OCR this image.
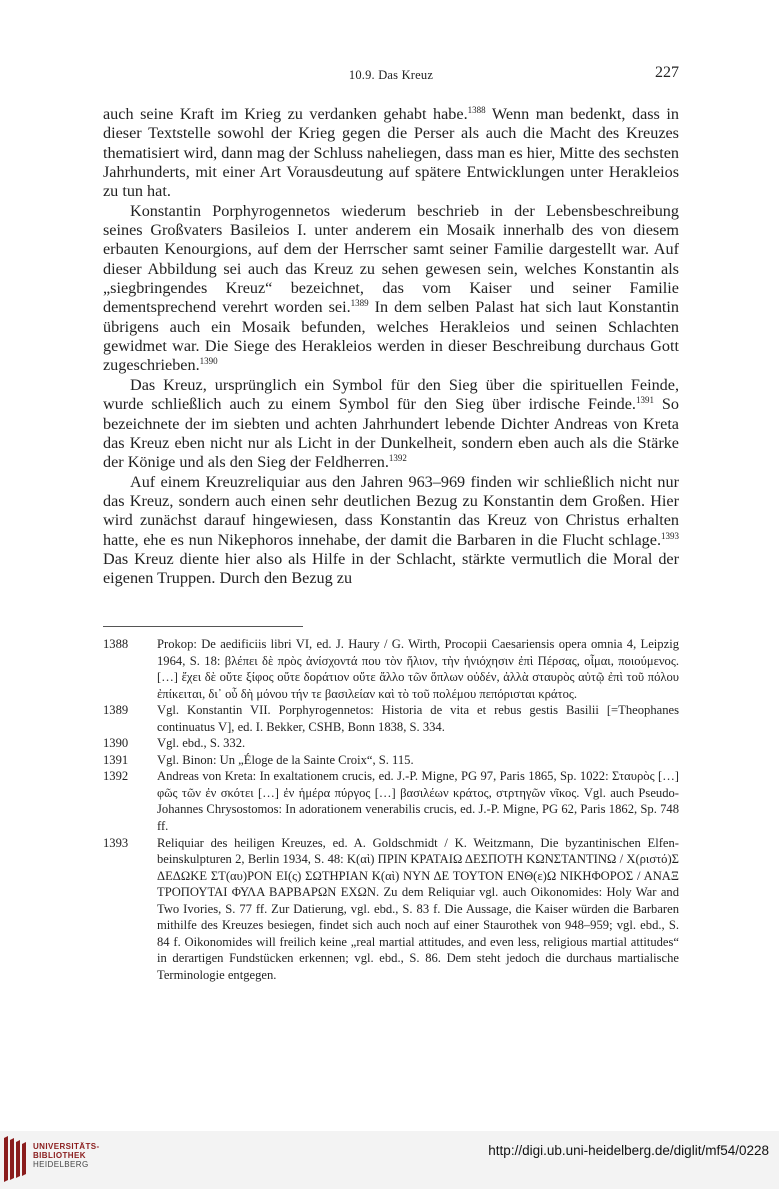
10.9. Das Kreuz	227

auch seine Kraft im Krieg zu verdanken gehabt habe.$^{1388}$ Wenn man bedenkt, dass in dieser Textstelle sowohl der Krieg gegen die Perser als auch die Macht des Kreuzes thematisiert wird, dann mag der Schluss naheliegen, dass man es hier, Mitte des sechsten Jahrhunderts, mit einer Art Vorausdeutung auf spätere Entwicklungen unter Herakleios zu tun hat.

Konstantin Porphyrogennetos wiederum beschrieb in der Lebensbeschreibung seines Großvaters Basileios I. unter anderem ein Mosaik innerhalb des von diesem erbauten Kenourgions, auf dem der Herrscher samt seiner Familie dargestellt war. Auf dieser Abbildung sei auch das Kreuz zu sehen gewesen sein, welches Konstantin als „siegbringendes Kreuz“ bezeichnet, das vom Kaiser und seiner Familie dementsprechend verehrt worden sei.$^{1389}$ In dem selben Palast hat sich laut Konstantin übrigens auch ein Mosaik befunden, welches Herakleios und seinen Schlachten gewidmet war. Die Siege des Herakleios werden in dieser Beschreibung durchaus Gott zugeschrieben.$^{1390}$

Das Kreuz, ursprünglich ein Symbol für den Sieg über die spirituellen Feinde, wurde schließlich auch zu einem Symbol für den Sieg über irdische Feinde.$^{1391}$ So bezeichnete der im siebten und achten Jahrhundert lebende Dichter Andreas von Kreta das Kreuz eben nicht nur als Licht in der Dunkelheit, sondern eben auch als die Stärke der Könige und als den Sieg der Feldherren.$^{1392}$

Auf einem Kreuzreliquiar aus den Jahren 963–969 finden wir schließlich nicht nur das Kreuz, sondern auch einen sehr deutlichen Bezug zu Konstantin dem Großen. Hier wird zunächst darauf hingewiesen, dass Konstantin das Kreuz von Christus erhalten hatte, ehe es nun Nikephoros innehabe, der damit die Barbaren in die Flucht schlage.$^{1393}$ Das Kreuz diente hier also als Hilfe in der Schlacht, stärkte vermutlich die Moral der eigenen Truppen. Durch den Bezug zu

1388	Prokop: De aedificiis libri VI, ed. J. Haury / G. Wirth, Procopii Caesariensis opera omnia 4, Leipzig 1964, S. 18: βλέπει δὲ πρὸς ἀνίσχοντά που τὸν ἥλιον, τὴν ἡνιόχησιν ἐπὶ Πέρσας, οἶμαι, ποιούμενος. […] ἔχει δὲ οὔτε ξίφος οὔτε δοράτιον οὔτε ἄλλο τῶν ὅπλων οὐδέν, ἀλλὰ σταυρὸς αὐτῷ ἐπὶ τοῦ πόλου ἐπίκειται, δι᾽ οὗ δὴ μόνου τήν τε βασιλείαν καὶ τὸ τοῦ πολέμου πεπόρισται κράτος.
1389	Vgl. Konstantin VII. Porphyrogennetos: Historia de vita et rebus gestis Basilii [=Theophanes continuatus V], ed. I. Bekker, CSHB, Bonn 1838, S. 334.
1390	Vgl. ebd., S. 332.
1391	Vgl. Binon: Un „Éloge de la Sainte Croix“, S. 115.
1392	Andreas von Kreta: In exaltationem crucis, ed. J.-P. Migne, PG 97, Paris 1865, Sp. 1022: Σταυρὸς […] φῶς τῶν ἐν σκότει […] ἐν ἡμέρα πύργος […] βασιλέων κράτος, στρτηγῶν νῖκος. Vgl. auch Pseudo-Johannes Chrysostomos: In adorationem venerabilis crucis, ed. J.-P. Migne, PG 62, Paris 1862, Sp. 748 ff.
1393	Reliquiar des heiligen Kreuzes, ed. A. Goldschmidt / K. Weitzmann, Die byzantinischen Elfenbeinskulpturen 2, Berlin 1934, S. 48: Κ(αὶ) ΠΡΙΝ ΚΡΑΤΑΙΩ ΔΕΣΠΟΤΗ ΚΩΝΣΤΑΝΤΙΝΩ / Χ(ριστό)Σ ΔΕΔΩΚΕ ΣΤ(αυ)ΡΟΝ ΕΙ(ς) ΣΩΤΗΡΙΑΝ Κ(αὶ) ΝΥΝ ΔΕ ΤΟΥΤΟΝ ΕΝΘ(ε)Ω ΝΙΚΗΦΟΡΟΣ / ΑΝΑΞ ΤΡΟΠΟΥΤΑΙ ΦΥΛΑ ΒΑΡΒΑΡΩΝ ΕΧΩΝ. Zu dem Reliquiar vgl. auch Oikonomides: Holy War and Two Ivories, S. 77 ff. Zur Datierung, vgl. ebd., S. 83 f. Die Aussage, die Kaiser würden die Barbaren mithilfe des Kreuzes besiegen, findet sich auch noch auf einer Staurothek von 948–959; vgl. ebd., S. 84 f. Oikonomides will freilich keine „real martial attitudes, and even less, religious martial attitudes“ in derartigen Fundstücken erkennen; vgl. ebd., S. 86. Dem steht jedoch die durchaus martialische Terminologie entgegen.
UNIVERSITÄTS-
BIBLIOTHEK
HEIDELBERG
http://digi.ub.uni-heidelberg.de/diglit/mf54/0228
